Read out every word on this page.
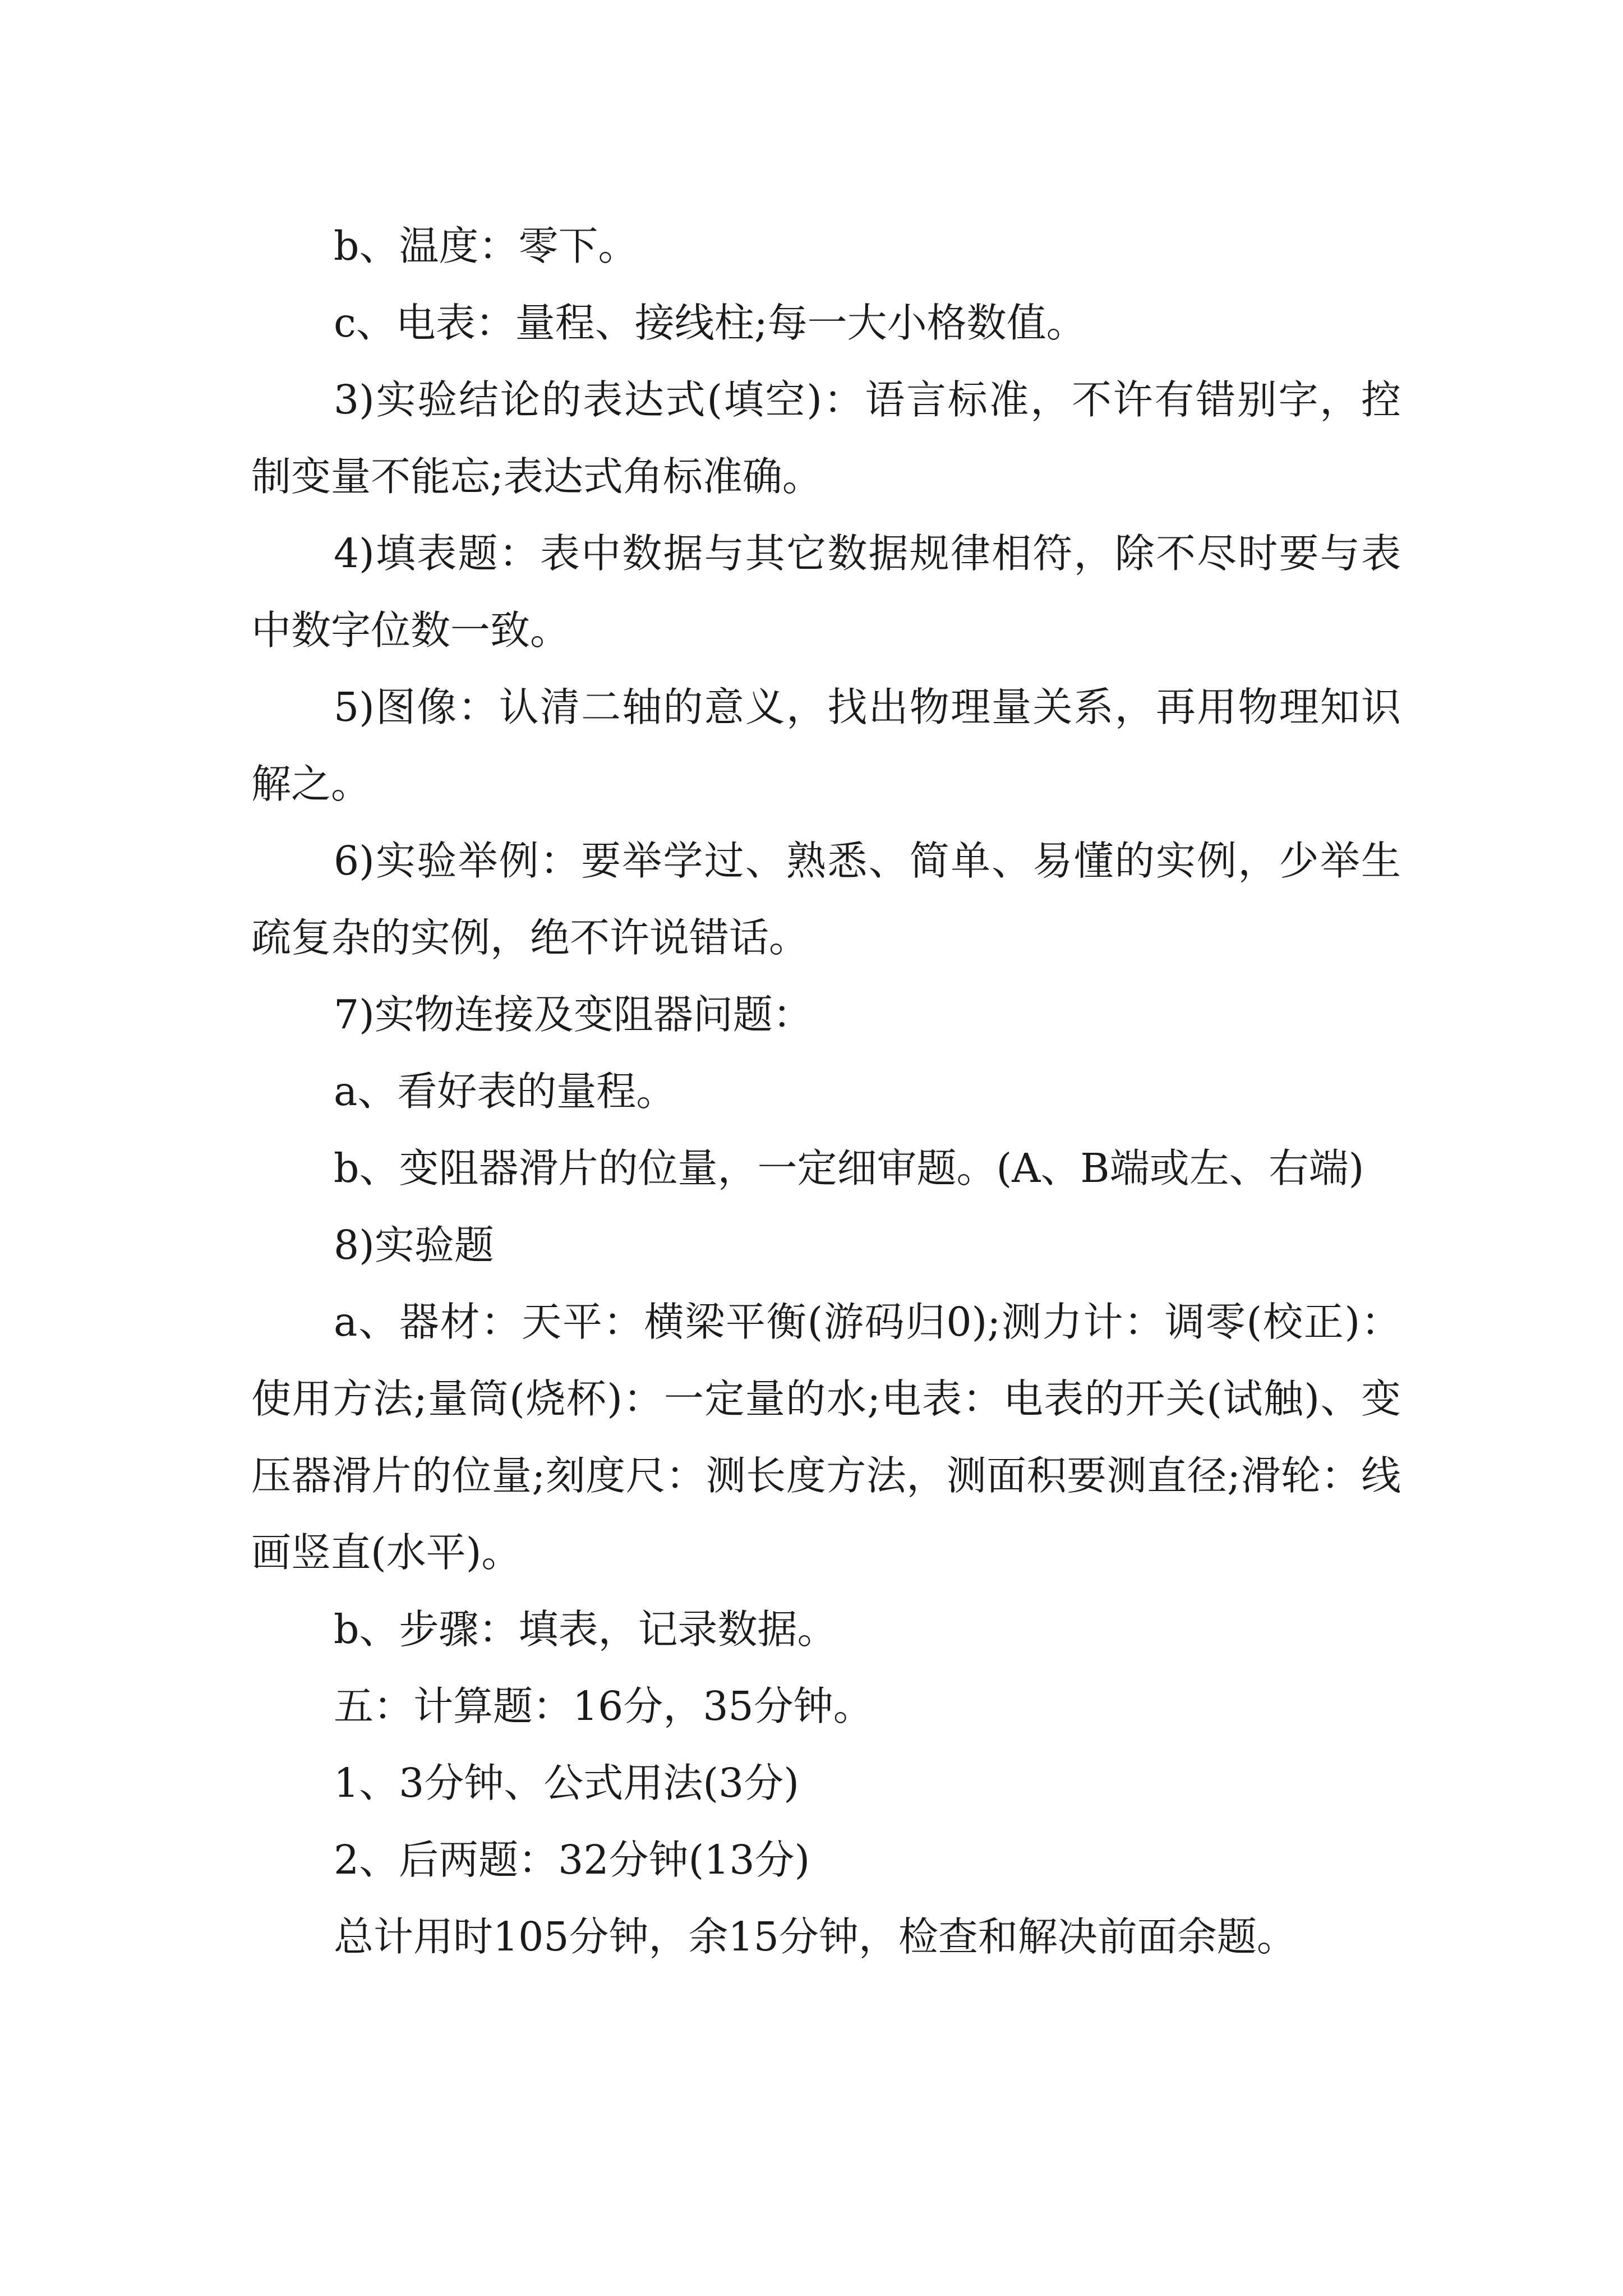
b、温度：零下。

c、电表：量程、接线柱;每一大小格数值。

3)实验结论的表达式(填空)：语言标准，不许有错别字，控制变量不能忘;表达式角标准确。

4)填表题：表中数据与其它数据规律相符，除不尽时要与表中数字位数一致。

5)图像：认清二轴的意义，找出物理量关系，再用物理知识解之。

6)实验举例：要举学过、熟悉、简单、易懂的实例，少举生疏复杂的实例，绝不许说错话。

7)实物连接及变阻器问题：

a、看好表的量程。

b、变阻器滑片的位量，一定细审题。(A、B端或左、右端)

8)实验题

a、器材：天平：横梁平衡(游码归0);测力计：调零(校正)：使用方法;量筒(烧杯)：一定量的水;电表：电表的开关(试触)、变压器滑片的位量;刻度尺：测长度方法，测面积要测直径;滑轮：线画竖直(水平)。

b、步骤：填表，记录数据。

五：计算题：16分，35分钟。

1、3分钟、公式用法(3分)

2、后两题：32分钟(13分)

总计用时105分钟，余15分钟，检查和解决前面余题。
